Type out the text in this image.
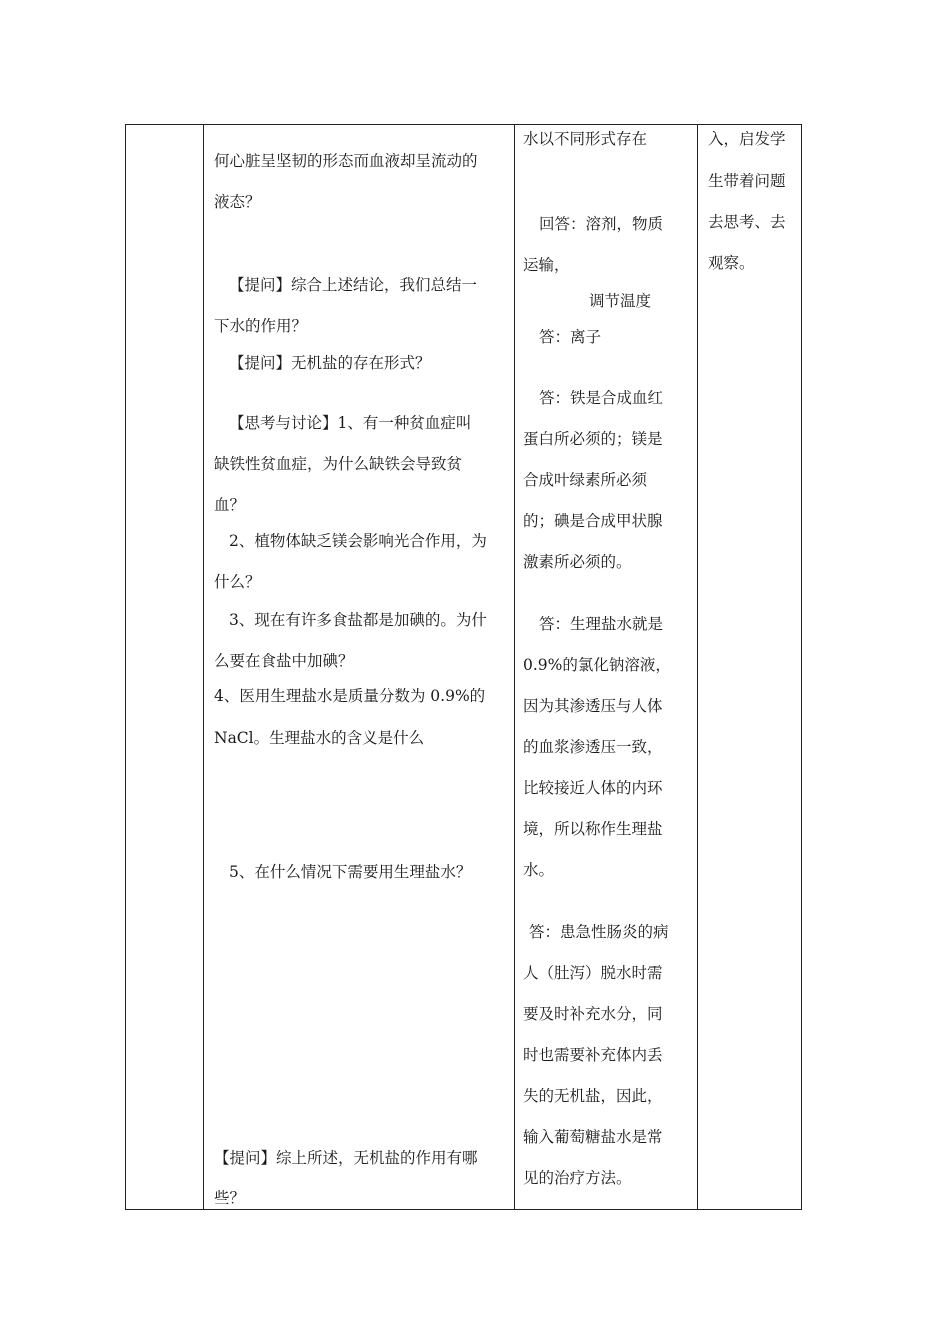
何心脏呈坚韧的形态而血液却呈流动的

液态？

【提问】综合上述结论，我们总结一

下水的作用？

【提问】无机盐的存在形式？

【思考与讨论】1、有一种贫血症叫

缺铁性贫血症，为什么缺铁会导致贫

血？

2、植物体缺乏镁会影响光合作用，为

什么？

3、现在有许多食盐都是加碘的。为什

么要在食盐中加碘？

4、医用生理盐水是质量分数为 0.9%的

NaCl。生理盐水的含义是什么

5、在什么情况下需要用生理盐水？

【提问】综上所述，无机盐的作用有哪

些？

水以不同形式存在

回答：溶剂，物质

运输，

调节温度

答：离子

答：铁是合成血红

蛋白所必须的；镁是

合成叶绿素所必须

的；碘是合成甲状腺

激素所必须的。

答：生理盐水就是

0.9%的氯化钠溶液，

因为其渗透压与人体

的血浆渗透压一致，

比较接近人体的内环

境，所以称作生理盐

水。

答：患急性肠炎的病

人（肚泻）脱水时需

要及时补充水分，同

时也需要补充体内丢

失的无机盐，因此，

输入葡萄糖盐水是常

见的治疗方法。

入，启发学

生带着问题

去思考、去

观察。
